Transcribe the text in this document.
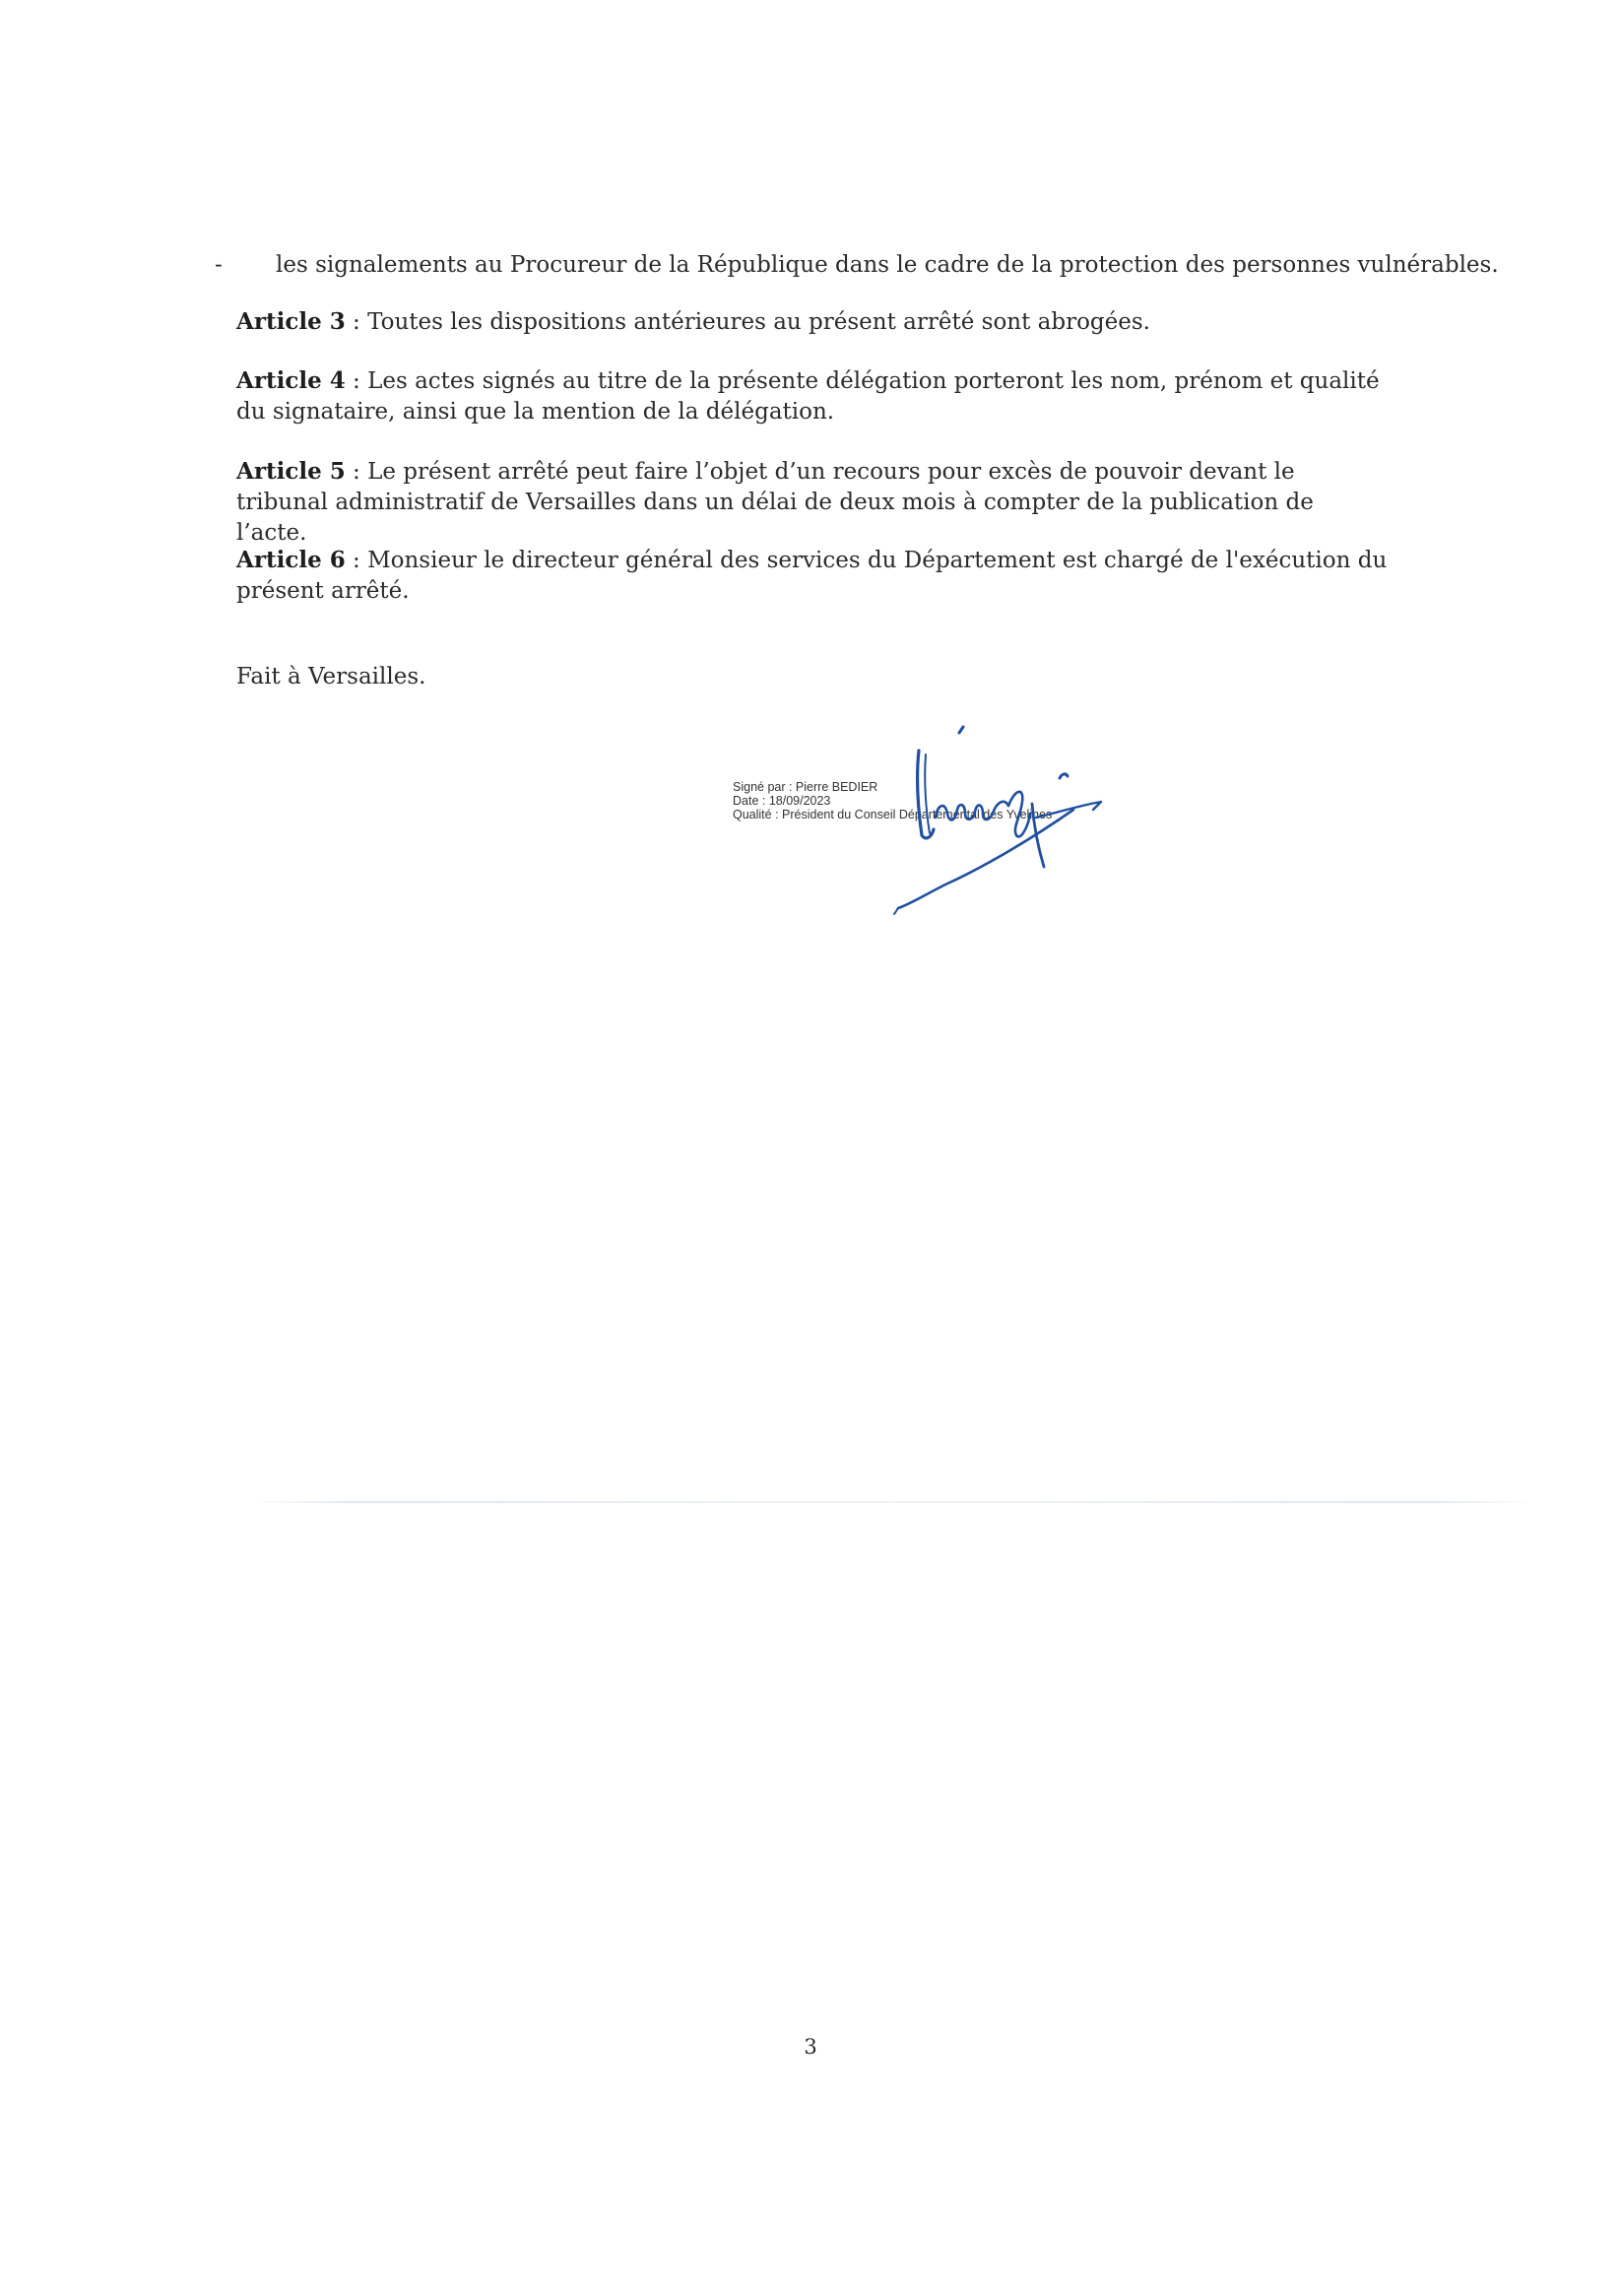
- les signalements au Procureur de la République dans le cadre de la protection des personnes vulnérables.

Article 3 : Toutes les dispositions antérieures au présent arrêté sont abrogées.

Article 4 : Les actes signés au titre de la présente délégation porteront les nom, prénom et qualité du signataire, ainsi que la mention de la délégation.

Article 5 : Le présent arrêté peut faire l’objet d’un recours pour excès de pouvoir devant le tribunal administratif de Versailles dans un délai de deux mois à compter de la publication de l’acte.

Article 6 : Monsieur le directeur général des services du Département est chargé de l'exécution du présent arrêté.

Fait à Versailles.
Signé par : Pierre BEDIER
Date : 18/09/2023
Qualité : Président du Conseil Départemental des Yvelines
3
